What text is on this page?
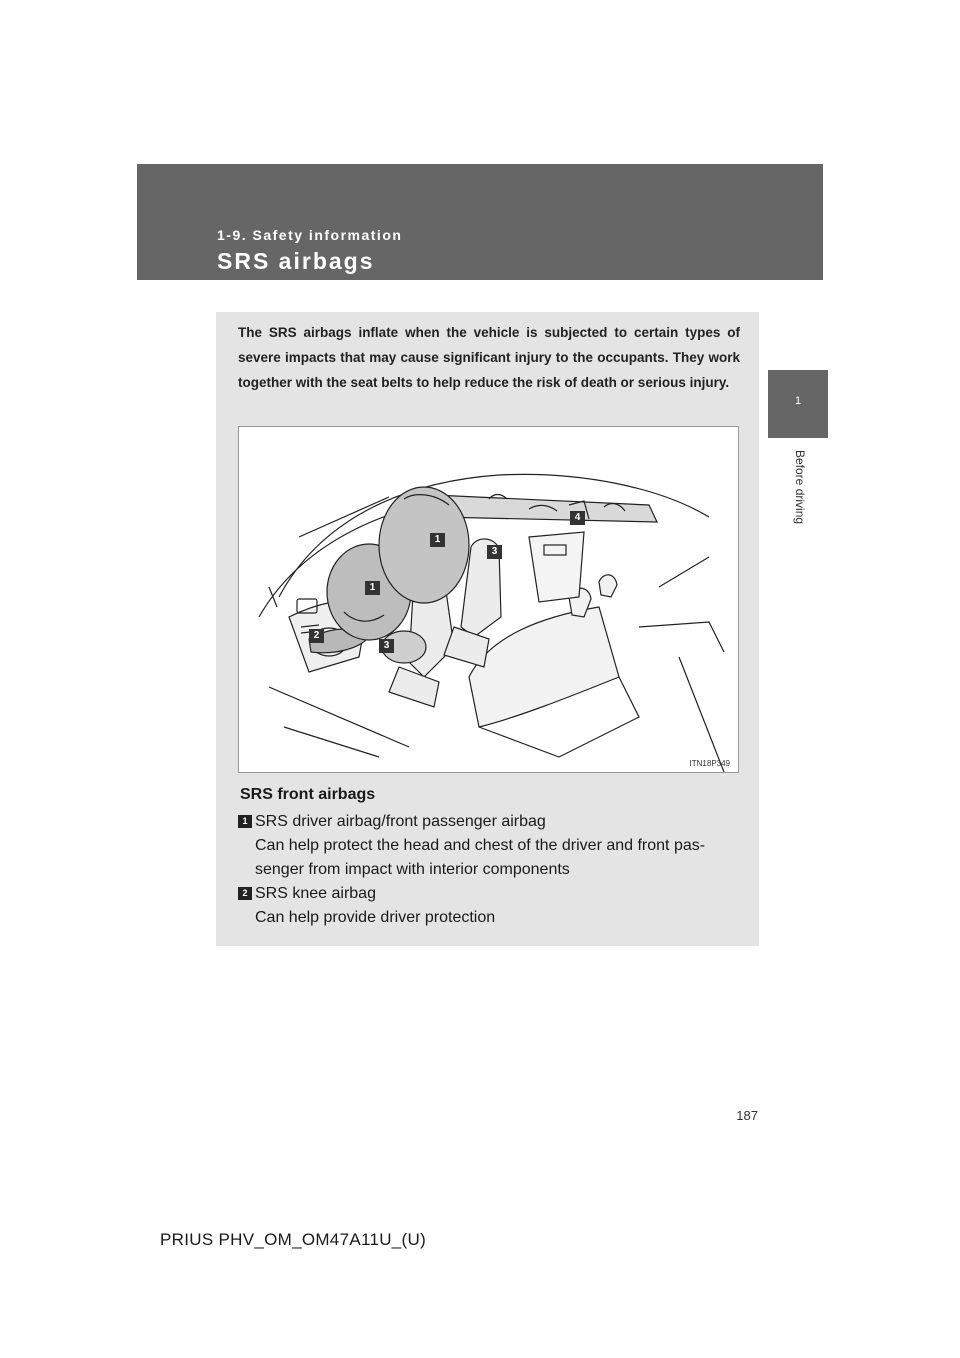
1-9. Safety information
SRS airbags
1
Before driving
The SRS airbags inflate when the vehicle is subjected to certain types of severe impacts that may cause significant injury to the occupants. They work together with the seat belts to help reduce the risk of death or serious injury.
1
1
2
3
3
4
ITN18P349
SRS front airbags
1 SRS driver airbag/front passenger airbag
Can help protect the head and chest of the driver and front pas-
senger from impact with interior components
2 SRS knee airbag
Can help provide driver protection
187
PRIUS PHV_OM_OM47A11U_(U)
